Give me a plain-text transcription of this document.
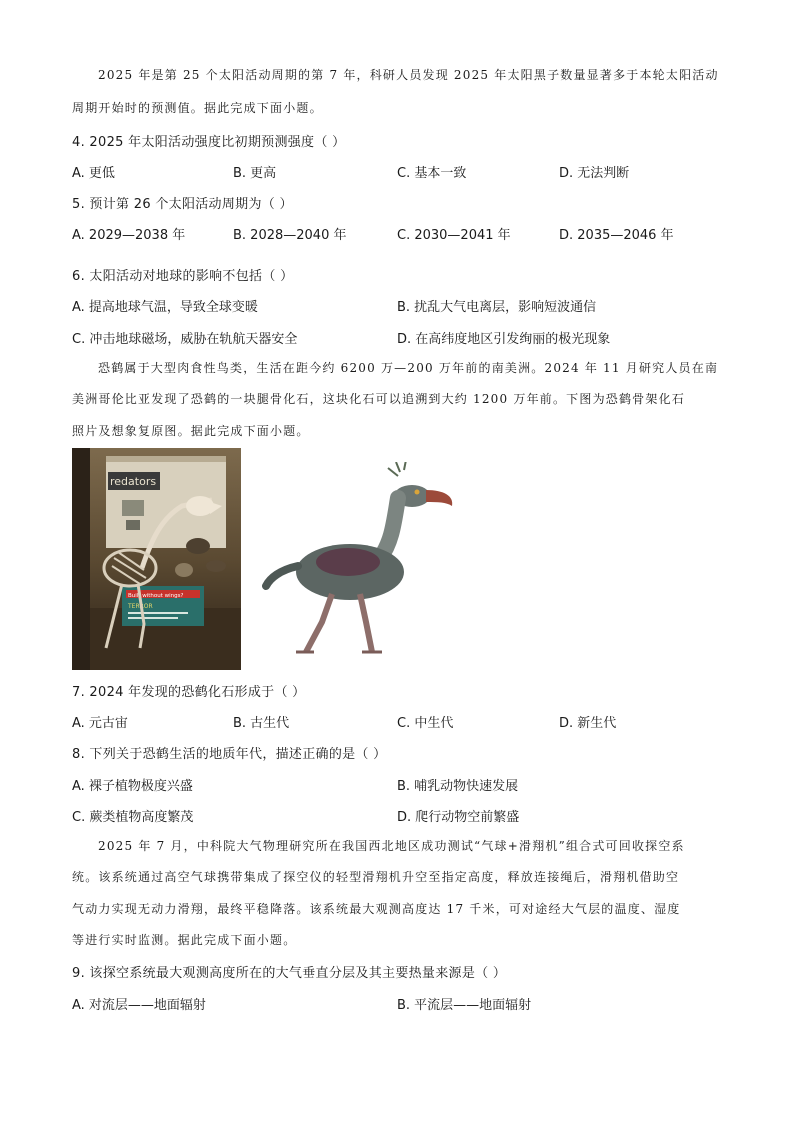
2025 年是第 25 个太阳活动周期的第 7 年，科研人员发现 2025 年太阳黑子数量显著多于本轮太阳活动
周期开始时的预测值。据此完成下面小题。
4. 2025 年太阳活动强度比初期预测强度（ ）
A. 更低	B. 更高	C. 基本一致	D. 无法判断
5. 预计第 26 个太阳活动周期为（ ）
A. 2029—2038 年	B. 2028—2040 年	C. 2030—2041 年	D. 2035—2046 年
6. 太阳活动对地球的影响不包括（ ）
A. 提高地球气温，导致全球变暖	B. 扰乱大气电离层，影响短波通信
C. 冲击地球磁场，威胁在轨航天器安全	D. 在高纬度地区引发绚丽的极光现象
恐鹤属于大型肉食性鸟类，生活在距今约 6200 万—200 万年前的南美洲。2024 年 11 月研究人员在南
美洲哥伦比亚发现了恐鹤的一块腿骨化石，这块化石可以追溯到大约 1200 万年前。下图为恐鹤骨架化石
照片及想象复原图。据此完成下面小题。
redators
Built without wings?
TERROR
7. 2024 年发现的恐鹤化石形成于（ ）
A. 元古宙	B. 古生代	C. 中生代	D. 新生代
8. 下列关于恐鹤生活的地质年代，描述正确的是（ ）
A. 裸子植物极度兴盛	B. 哺乳动物快速发展
C. 蕨类植物高度繁茂	D. 爬行动物空前繁盛
2025 年 7 月，中科院大气物理研究所在我国西北地区成功测试“气球+滑翔机”组合式可回收探空系
统。该系统通过高空气球携带集成了探空仪的轻型滑翔机升空至指定高度，释放连接绳后，滑翔机借助空
气动力实现无动力滑翔，最终平稳降落。该系统最大观测高度达 17 千米，可对途经大气层的温度、湿度
等进行实时监测。据此完成下面小题。
9. 该探空系统最大观测高度所在的大气垂直分层及其主要热量来源是（ ）
A. 对流层——地面辐射	B. 平流层——地面辐射
